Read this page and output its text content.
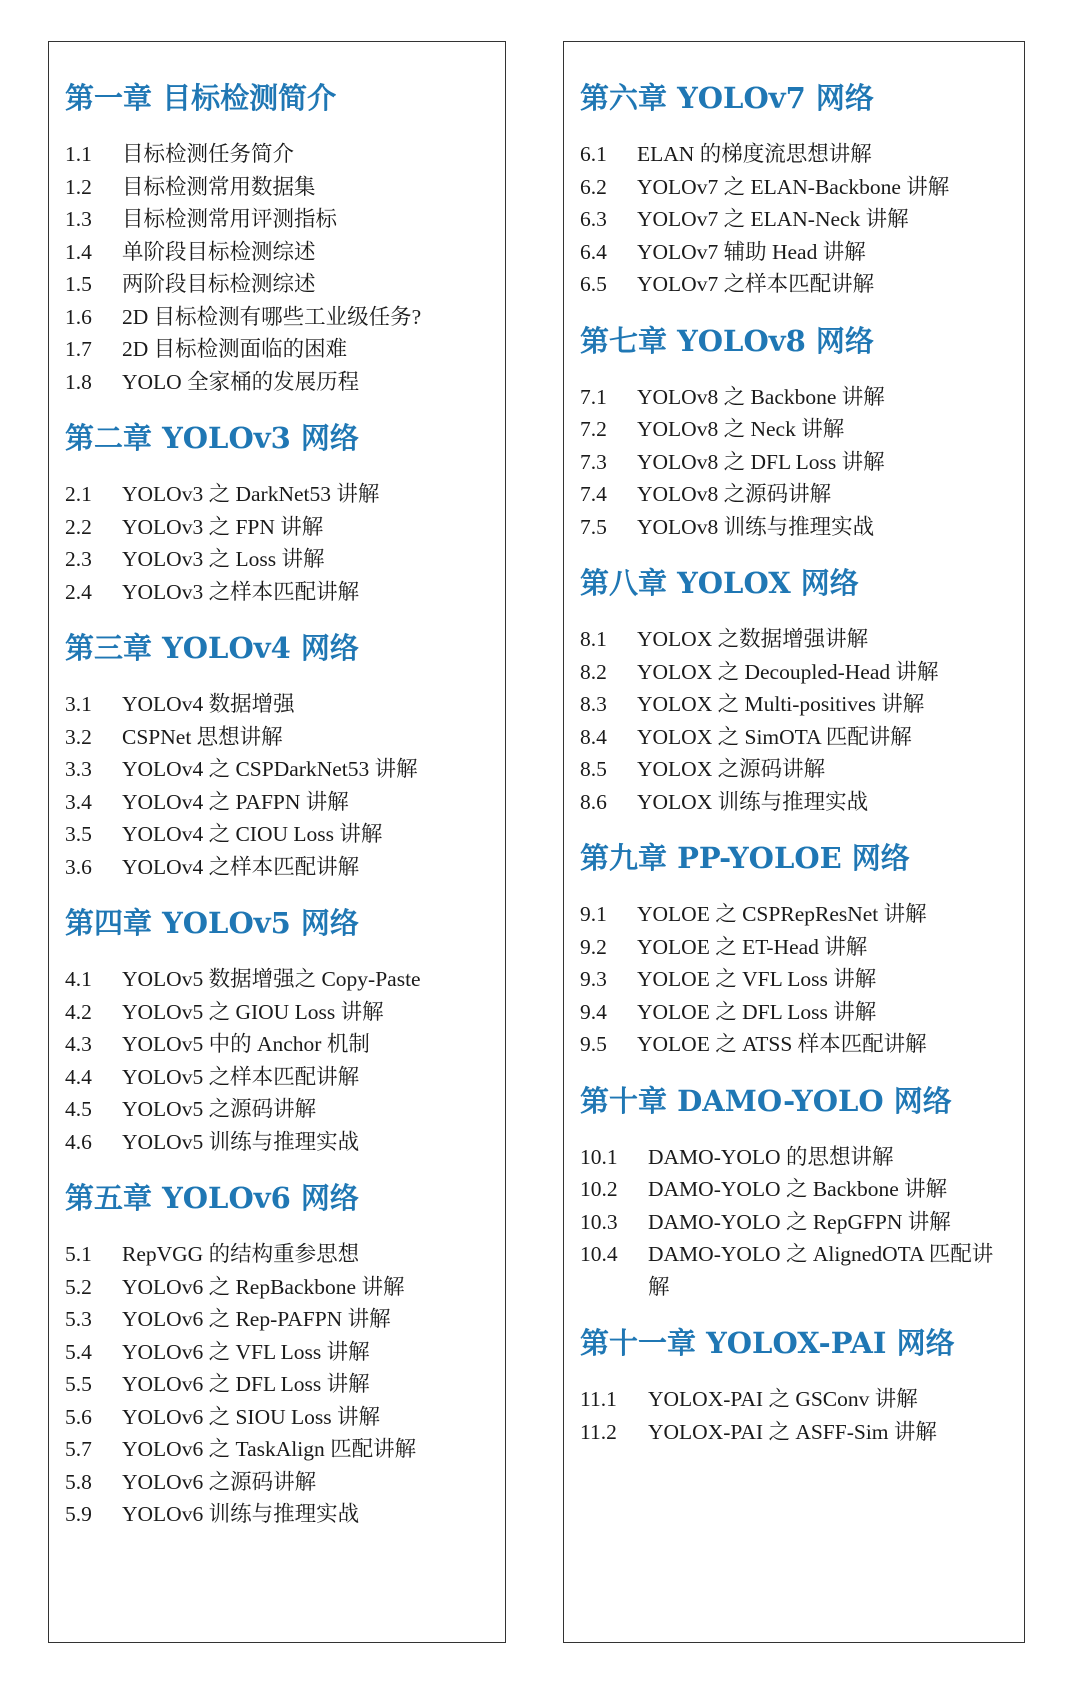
第一章 目标检测简介
1.1	目标检测任务简介
1.2	目标检测常用数据集
1.3	目标检测常用评测指标
1.4	单阶段目标检测综述
1.5	两阶段目标检测综述
1.6	2D 目标检测有哪些工业级任务?
1.7	2D 目标检测面临的困难
1.8	YOLO 全家桶的发展历程
第二章 YOLOv3 网络
2.1	YOLOv3 之 DarkNet53 讲解
2.2	YOLOv3 之 FPN 讲解
2.3	YOLOv3 之 Loss 讲解
2.4	YOLOv3 之样本匹配讲解
第三章 YOLOv4 网络
3.1	YOLOv4 数据增强
3.2	CSPNet 思想讲解
3.3	YOLOv4 之 CSPDarkNet53 讲解
3.4	YOLOv4 之 PAFPN 讲解
3.5	YOLOv4 之 CIOU Loss 讲解
3.6	YOLOv4 之样本匹配讲解
第四章 YOLOv5 网络
4.1	YOLOv5 数据增强之 Copy-Paste
4.2	YOLOv5 之 GIOU Loss 讲解
4.3	YOLOv5 中的 Anchor 机制
4.4	YOLOv5 之样本匹配讲解
4.5	YOLOv5 之源码讲解
4.6	YOLOv5 训练与推理实战
第五章 YOLOv6 网络
5.1	RepVGG 的结构重参思想
5.2	YOLOv6 之 RepBackbone 讲解
5.3	YOLOv6 之 Rep-PAFPN 讲解
5.4	YOLOv6 之 VFL Loss 讲解
5.5	YOLOv6 之 DFL Loss 讲解
5.6	YOLOv6 之 SIOU Loss 讲解
5.7	YOLOv6 之 TaskAlign 匹配讲解
5.8	YOLOv6 之源码讲解
5.9	YOLOv6 训练与推理实战
第六章 YOLOv7 网络
6.1	ELAN 的梯度流思想讲解
6.2	YOLOv7 之 ELAN-Backbone 讲解
6.3	YOLOv7 之 ELAN-Neck 讲解
6.4	YOLOv7 辅助 Head 讲解
6.5	YOLOv7 之样本匹配讲解
第七章 YOLOv8 网络
7.1	YOLOv8 之 Backbone 讲解
7.2	YOLOv8 之 Neck 讲解
7.3	YOLOv8 之 DFL Loss 讲解
7.4	YOLOv8 之源码讲解
7.5	YOLOv8 训练与推理实战
第八章 YOLOX 网络
8.1	YOLOX 之数据增强讲解
8.2	YOLOX 之 Decoupled-Head 讲解
8.3	YOLOX 之 Multi-positives 讲解
8.4	YOLOX 之 SimOTA 匹配讲解
8.5	YOLOX 之源码讲解
8.6	YOLOX 训练与推理实战
第九章 PP-YOLOE 网络
9.1	YOLOE 之 CSPRepResNet 讲解
9.2	YOLOE 之 ET-Head 讲解
9.3	YOLOE 之 VFL Loss 讲解
9.4	YOLOE 之 DFL Loss 讲解
9.5	YOLOE 之 ATSS 样本匹配讲解
第十章 DAMO-YOLO 网络
10.1	DAMO-YOLO 的思想讲解
10.2	DAMO-YOLO 之 Backbone 讲解
10.3	DAMO-YOLO 之 RepGFPN 讲解
10.4	DAMO-YOLO 之 AlignedOTA 匹配讲解
第十一章 YOLOX-PAI 网络
11.1	YOLOX-PAI 之 GSConv 讲解
11.2	YOLOX-PAI 之 ASFF-Sim 讲解
